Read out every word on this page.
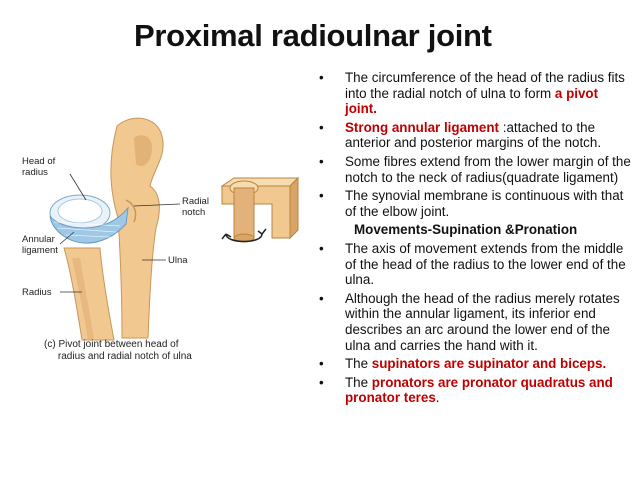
Proximal radioulnar joint
Head of
radius
Radial
notch
Annular
ligament
Ulna
Radius
(c) Pivot joint between head of
radius and radial notch of ulna
• The circumference of the head of the radius fits into the radial notch of ulna to form a pivot joint.
• Strong annular ligament :attached to the anterior and posterior margins of the notch.
• Some fibres extend from the lower margin of the notch to the neck of radius(quadrate ligament)
• The synovial membrane is continuous with that of the elbow joint.
Movements-Supination &Pronation
• The axis of movement extends from the middle of the head of the radius to the lower end of the ulna.
• Although the head of the radius merely rotates within the annular ligament, its inferior end describes an arc around the lower end of the ulna and carries the hand with it.
• The supinators are supinator and biceps.
• The pronators are pronator quadratus and pronator teres.
